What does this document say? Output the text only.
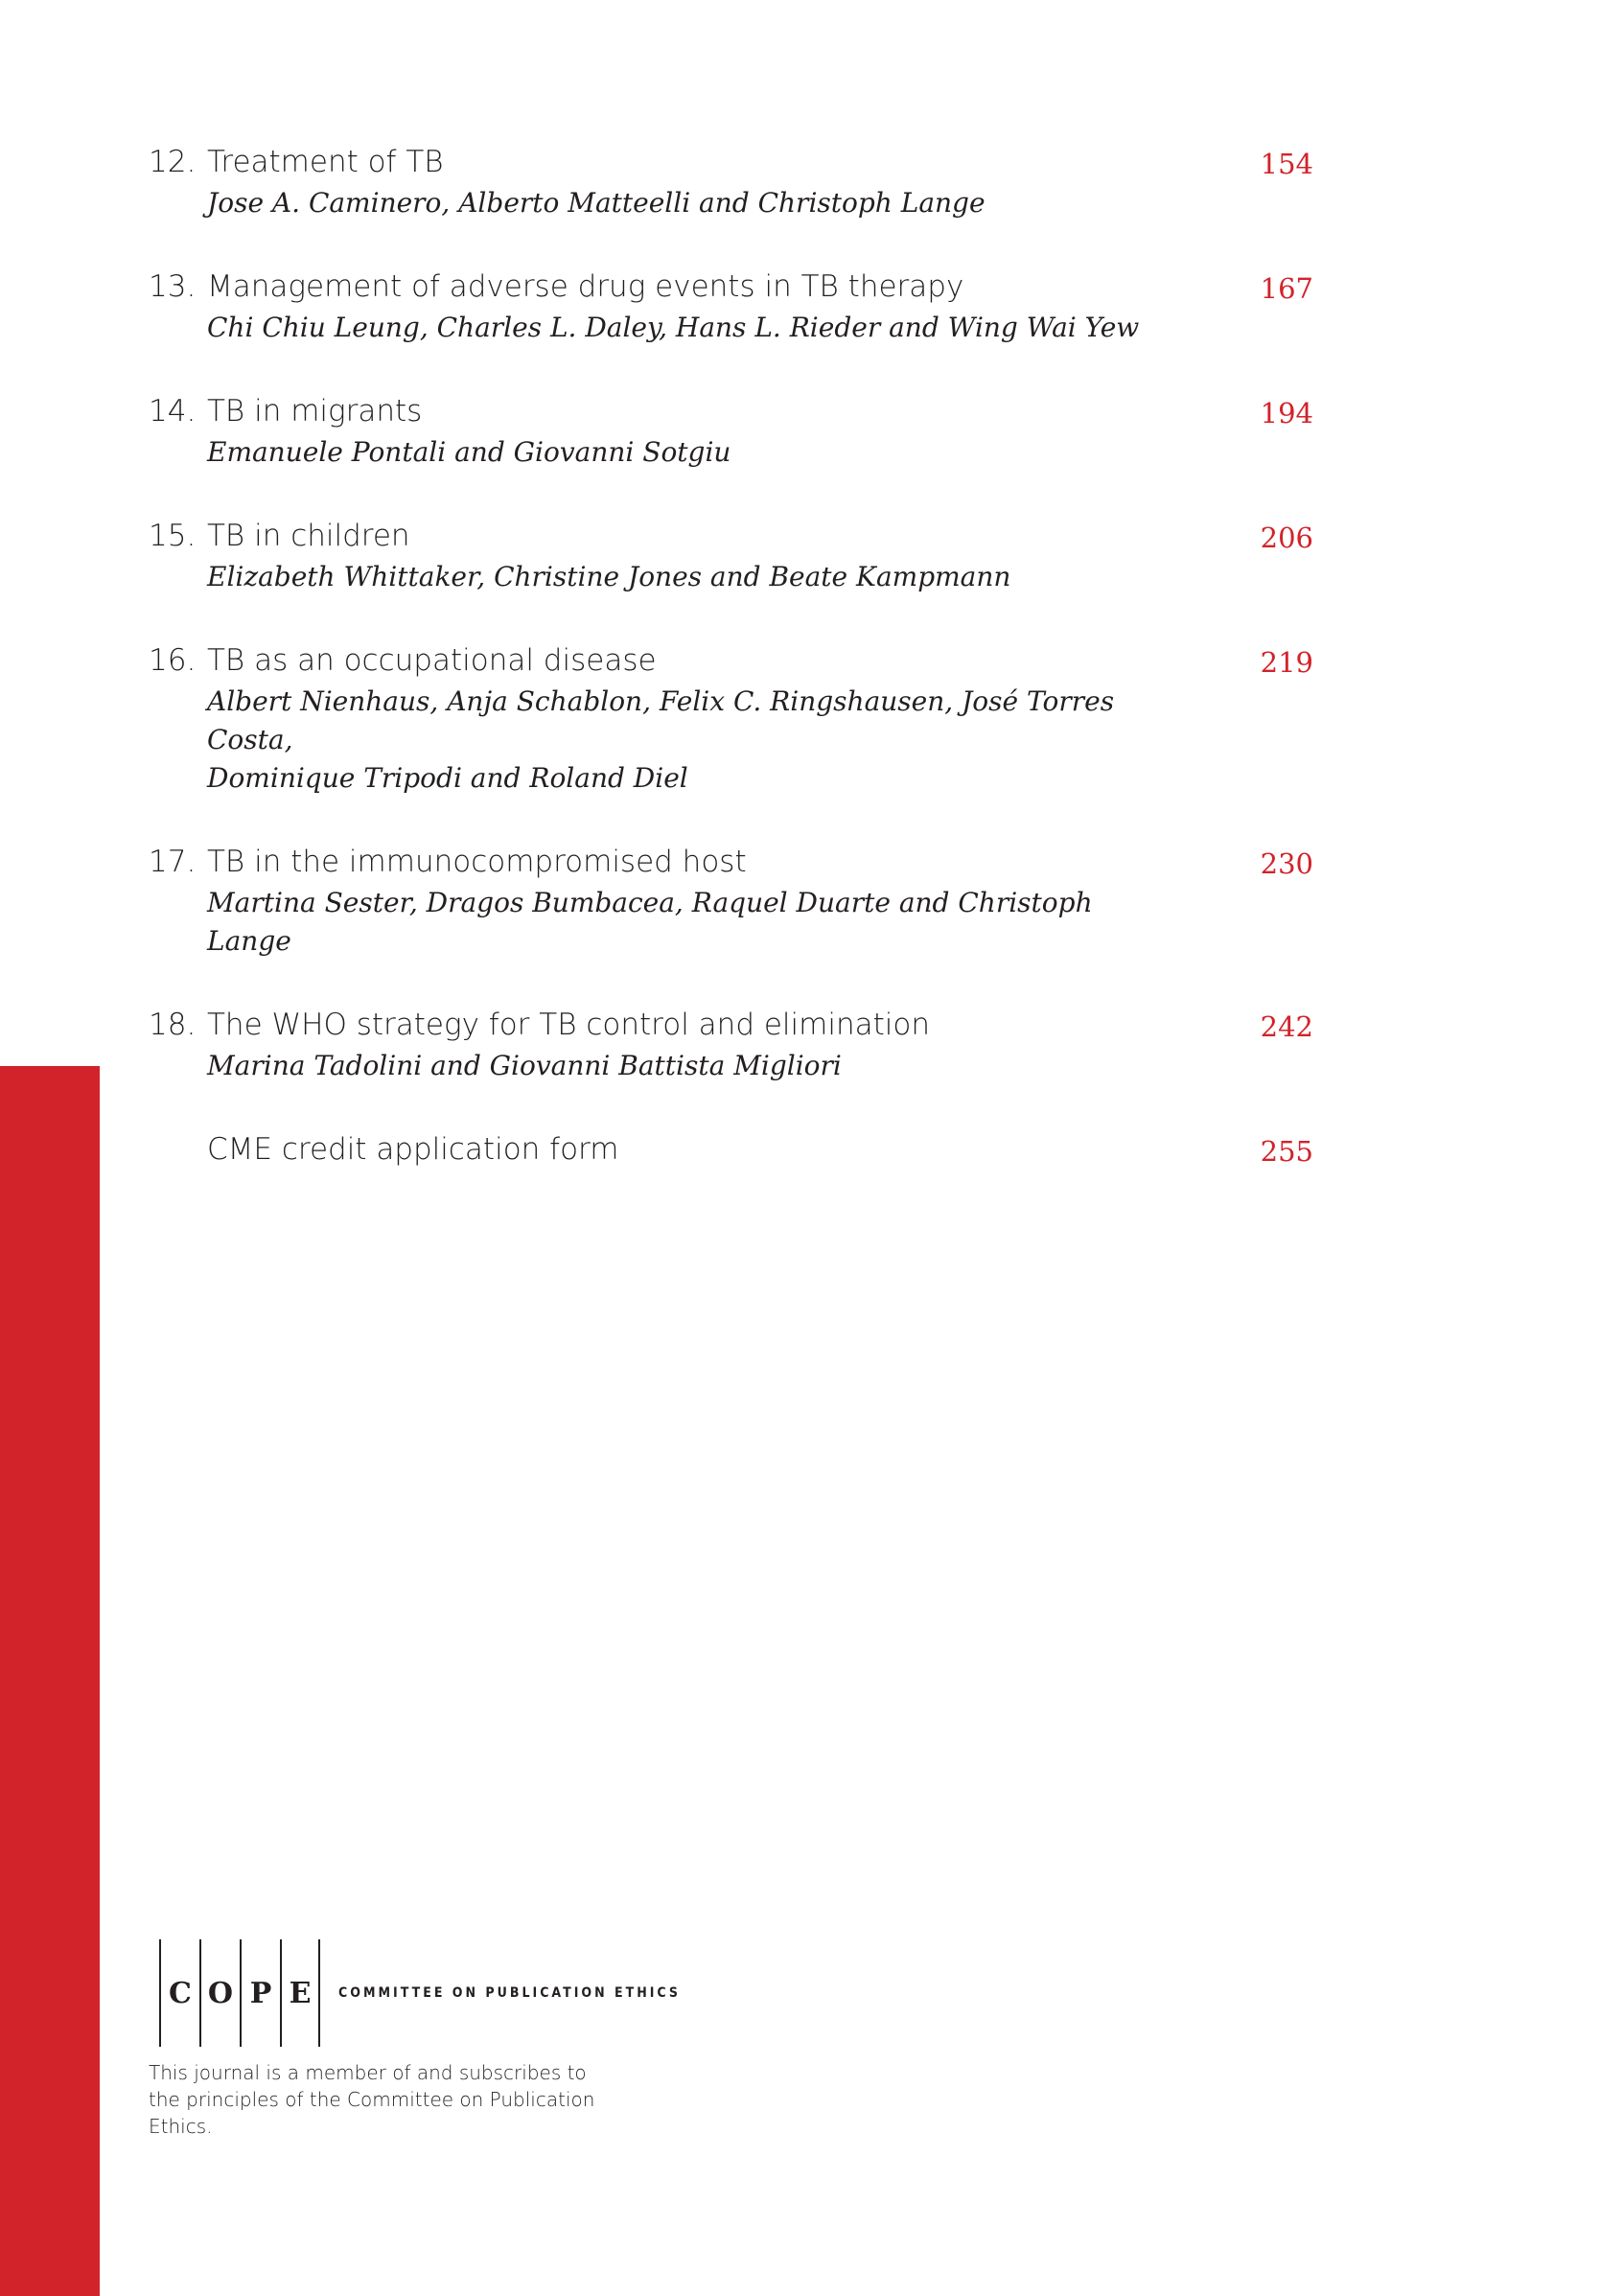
12. Treatment of TB	154
Jose A. Caminero, Alberto Matteelli and Christoph Lange
13. Management of adverse drug events in TB therapy	167
Chi Chiu Leung, Charles L. Daley, Hans L. Rieder and Wing Wai Yew
14. TB in migrants	194
Emanuele Pontali and Giovanni Sotgiu
15. TB in children	206
Elizabeth Whittaker, Christine Jones and Beate Kampmann
16. TB as an occupational disease	219
Albert Nienhaus, Anja Schablon, Felix C. Ringshausen, José Torres Costa,
Dominique Tripodi and Roland Diel
17. TB in the immunocompromised host	230
Martina Sester, Dragos Bumbacea, Raquel Duarte and Christoph Lange
18. The WHO strategy for TB control and elimination	242
Marina Tadolini and Giovanni Battista Migliori
CME credit application form	255
C O P E	COMMITTEE ON PUBLICATION ETHICS
This journal is a member of and subscribes to
the principles of the Committee on Publication
Ethics.
